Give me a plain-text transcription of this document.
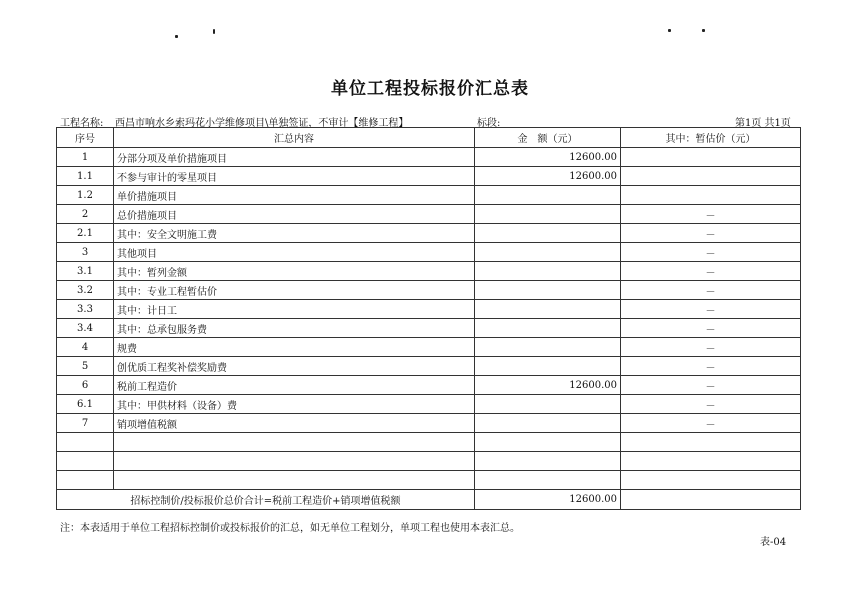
单位工程投标报价汇总表
工程名称: 西昌市响水乡索玛花小学维修项目\单独签证，不审计【维修工程】	标段:	第1页 共1页
序号	汇总内容	金　额（元）	其中：暂估价（元）
1	分部分项及单价措施项目	12600.00	
1.1	不参与审计的零星项目	12600.00	
1.2	单价措施项目		
2	总价措施项目		－
2.1	其中：安全文明施工费		－
3	其他项目		－
3.1	其中：暂列金额		－
3.2	其中：专业工程暂估价		－
3.3	其中：计日工		－
3.4	其中：总承包服务费		－
4	规费		－
5	创优质工程奖补偿奖励费		－
6	税前工程造价	12600.00	－
6.1	其中：甲供材料（设备）费		－
7	销项增值税额		－

招标控制价/投标报价总价合计=税前工程造价+销项增值税额		12600.00	
注：本表适用于单位工程招标控制价或投标报价的汇总，如无单位工程划分，单项工程也使用本表汇总。
表-04
